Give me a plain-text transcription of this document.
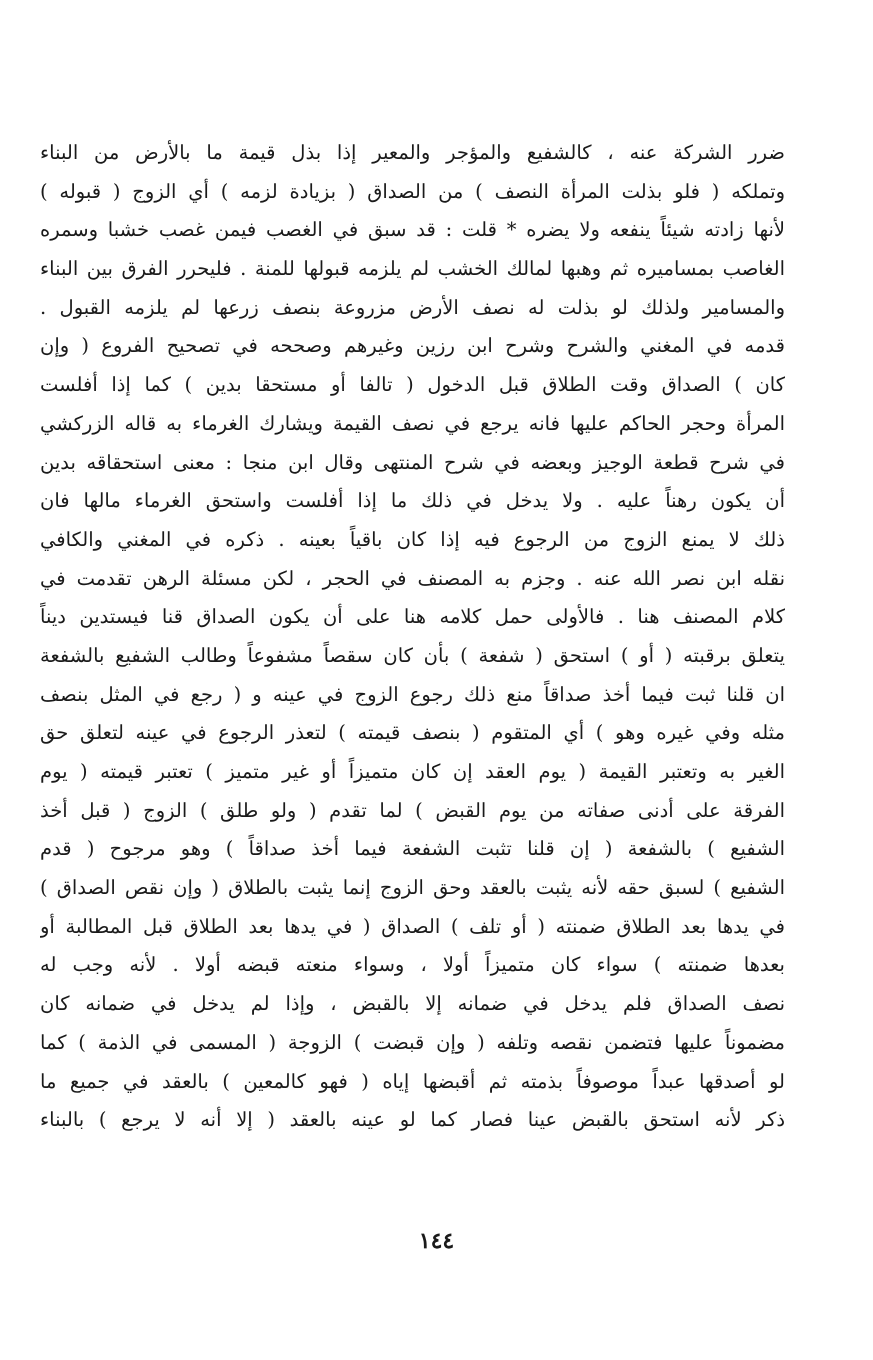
ضرر الشركة عنه ، كالشفيع والمؤجر والمعير إذا بذل قيمة ما بالأرض من البناء
وتملكه ( فلو بذلت المرأة النصف ) من الصداق ( بزيادة لزمه ) أي الزوج ( قبوله )
لأنها زادته شيئاً ينفعه ولا يضره * قلت : قد سبق في الغصب فيمن غصب خشبا وسمره
الغاصب بمساميره ثم وهبها لمالك الخشب لم يلزمه قبولها للمنة . فليحرر الفرق بين البناء
والمسامير ولذلك لو بذلت له نصف الأرض مزروعة بنصف زرعها لم يلزمه القبول .
قدمه في المغني والشرح وشرح ابن رزين وغيرهم وصححه في تصحيح الفروع ( وإن
كان ) الصداق وقت الطلاق قبل الدخول ( تالفا أو مستحقا بدين ) كما إذا أفلست
المرأة وحجر الحاكم عليها فانه يرجع في نصف القيمة ويشارك الغرماء به قاله الزركشي
في شرح قطعة الوجيز وبعضه في شرح المنتهى وقال ابن منجا : معنى استحقاقه بدين
أن يكون رهناً عليه . ولا يدخل في ذلك ما إذا أفلست واستحق الغرماء مالها فان
ذلك لا يمنع الزوج من الرجوع فيه إذا كان باقياً بعينه . ذكره في المغني والكافي
نقله ابن نصر الله عنه . وجزم به المصنف في الحجر ، لكن مسئلة الرهن تقدمت في
كلام المصنف هنا . فالأولى حمل كلامه هنا على أن يكون الصداق قنا فيستدين ديناً
يتعلق برقبته ( أو ) استحق ( شفعة ) بأن كان سقصاً مشفوعاً وطالب الشفيع بالشفعة
ان قلنا ثبت فيما أخذ صداقاً منع ذلك رجوع الزوج في عينه و ( رجع في المثل بنصف
مثله وفي غيره وهو ) أي المتقوم ( بنصف قيمته ) لتعذر الرجوع في عينه لتعلق حق
الغير به وتعتبر القيمة ( يوم العقد إن كان متميزاً أو غير متميز ) تعتبر قيمته ( يوم
الفرقة على أدنى صفاته من يوم القبض ) لما تقدم ( ولو طلق ) الزوج ( قبل أخذ
الشفيع ) بالشفعة ( إن قلنا تثبت الشفعة فيما أخذ صداقاً ) وهو مرجوح ( قدم
الشفيع ) لسبق حقه لأنه يثبت بالعقد وحق الزوج إنما يثبت بالطلاق ( وإن نقص الصداق )
في يدها بعد الطلاق ضمنته ( أو تلف ) الصداق ( في يدها بعد الطلاق قبل المطالبة أو
بعدها ضمنته ) سواء كان متميزاً أولا ، وسواء منعته قبضه أولا . لأنه وجب له
نصف الصداق فلم يدخل في ضمانه إلا بالقبض ، وإذا لم يدخل في ضمانه كان
مضموناً عليها فتضمن نقصه وتلفه ( وإن قبضت ) الزوجة ( المسمى في الذمة ) كما
لو أصدقها عبداً موصوفاً بذمته ثم أقبضها إياه ( فهو كالمعين ) بالعقد في جميع ما
ذكر لأنه استحق بالقبض عينا فصار كما لو عينه بالعقد ( إلا أنه لا يرجع ) بالبناء
١٤٤
